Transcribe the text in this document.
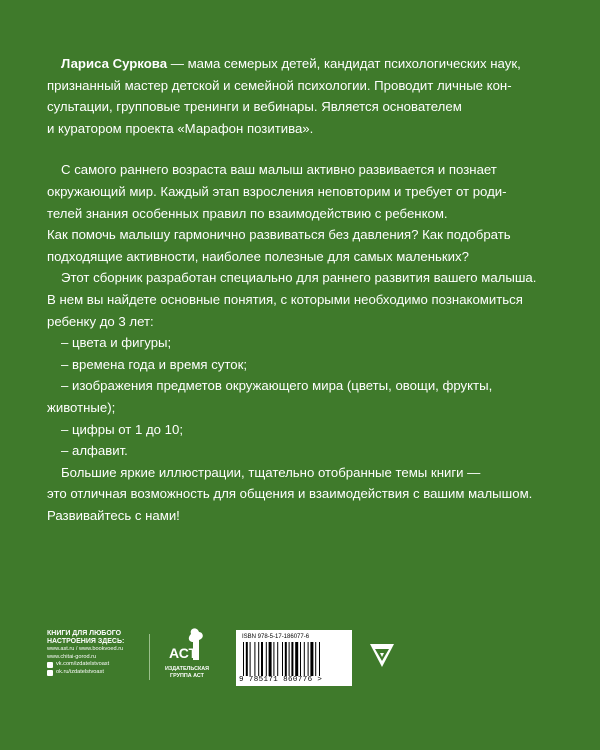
Лариса Суркова — мама семерых детей, кандидат психологических наук,

признанный мастер детской и семейной психологии. Проводит личные кон-

сультации, групповые тренинги и вебинары. Является основателем

и куратором проекта «Марафон позитива».

С самого раннего возраста ваш малыш активно развивается и познает

окружающий мир. Каждый этап взросления неповторим и требует от роди-

телей знания особенных правил по взаимодействию с ребенком.

Как помочь малышу гармонично развиваться без давления? Как подобрать

подходящие активности, наиболее полезные для самых маленьких?

Этот сборник разработан специально для раннего развития вашего малыша.

В нем вы найдете основные понятия, с которыми необходимо познакомиться

ребенку до 3 лет:

– цвета и фигуры;

– времена года и время суток;

– изображения предметов окружающего мира (цветы, овощи, фрукты,

животные);

– цифры от 1 до 10;

– алфавит.

Большие яркие иллюстрации, тщательно отобранные темы книги —

это отличная возможность для общения и взаимодействия с вашим малышом.

Развивайтесь с нами!

КНИГИ ДЛЯ ЛЮБОГО
НАСТРОЕНИЯ ЗДЕСЬ:
www.ast.ru / www.bookvoed.ru
www.chitai-gorod.ru
vk.com/izdatelstvoast
ok.ru/izdatelstvoast
АСТ
ИЗДАТЕЛЬСКАЯ
ГРУППА АСТ
ISBN 978-5-17-186077-6
9 785171 860776 >
